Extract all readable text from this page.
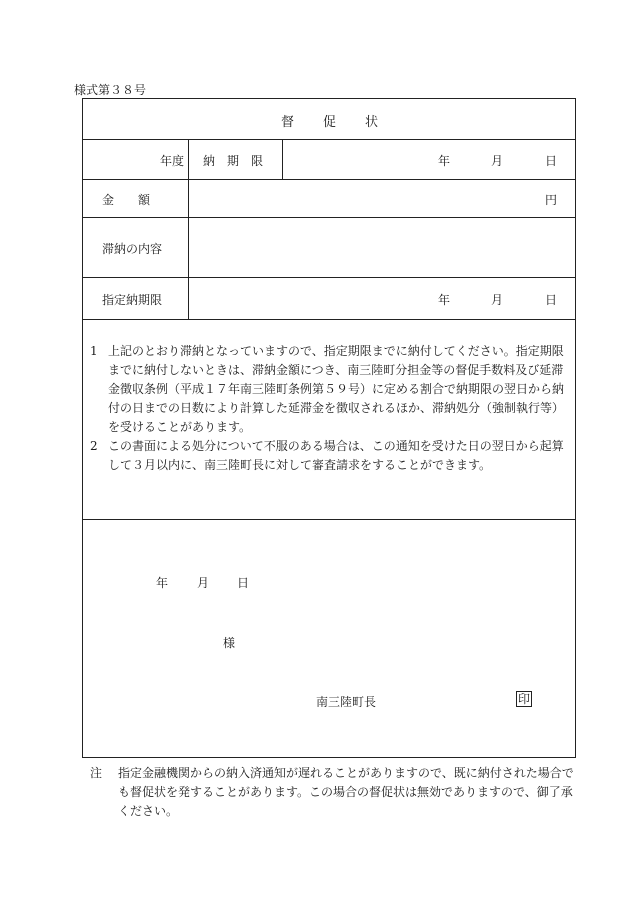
様式第３８号
督　　促　　状
年度 納　期　限	年	月	日
金　　額	円
滞納の内容
指定納期限	年	月	日
1 上記のとおり滞納となっていますので、指定期限までに納付してください。指定期限までに納付しないときは、滞納金額につき、南三陸町分担金等の督促手数料及び延滞金徴収条例（平成１７年南三陸町条例第５９号）に定める割合で納期限の翌日から納付の日までの日数により計算した延滞金を徴収されるほか、滞納処分（強制執行等）を受けることがあります。
2 この書面による処分について不服のある場合は、この通知を受けた日の翌日から起算して３月以内に、南三陸町長に対して審査請求をすることができます。
年 月 日
様
南三陸町長	印
注	指定金融機関からの納入済通知が遅れることがありますので、既に納付された場合でも督促状を発することがあります。この場合の督促状は無効でありますので、御了承ください。
